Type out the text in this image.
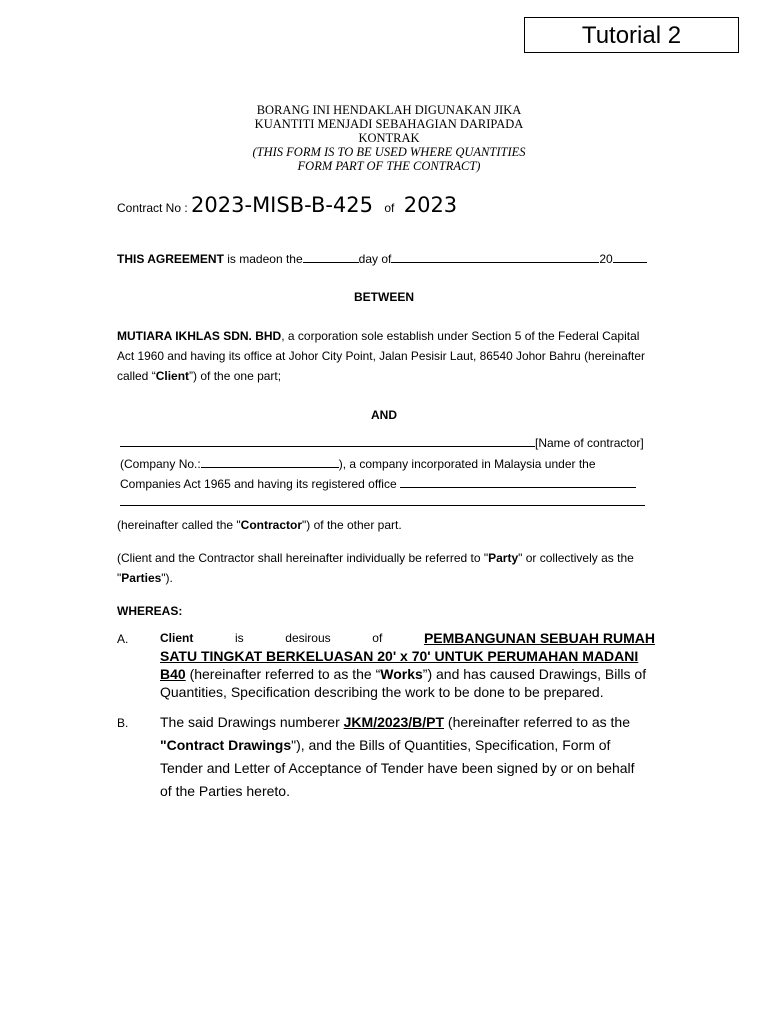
Tutorial 2
BORANG INI HENDAKLAH DIGUNAKAN JIKA
KUANTITI MENJADI SEBAHAGIAN DARIPADA
KONTRAK
(THIS FORM IS TO BE USED WHERE QUANTITIES
FORM PART OF THE CONTRACT)
Contract No : 2023-MISB-B-425 of 2023
THIS AGREEMENT is madeon the	day of	20
BETWEEN
MUTIARA IKHLAS SDN. BHD, a corporation sole establish under Section 5 of the Federal Capital
Act 1960 and having its office at Johor City Point, Jalan Pesisir Laut, 86540 Johor Bahru (hereinafter
called “Client”) of the one part;
AND
[Name of contractor]
(Company No.:	), a company incorporated in Malaysia under the
Companies Act 1965 and having its registered office
(hereinafter called the "Contractor") of the other part.
(Client and the Contractor shall hereinafter individually be referred to "Party" or collectively as the
"Parties").
WHEREAS:
A.	Client	is	desirous	of	PEMBANGUNAN SEBUAH RUMAH
SATU TINGKAT BERKELUASAN 20' x 70' UNTUK PERUMAHAN MADANI
B40 (hereinafter referred to as the “Works”) and has caused Drawings, Bills of
Quantities, Specification describing the work to be done to be prepared.
B. The said Drawings numberer JKM/2023/B/PT (hereinafter referred to as the
"Contract Drawings"), and the Bills of Quantities, Specification, Form of
Tender and Letter of Acceptance of Tender have been signed by or on behalf
of the Parties hereto.
